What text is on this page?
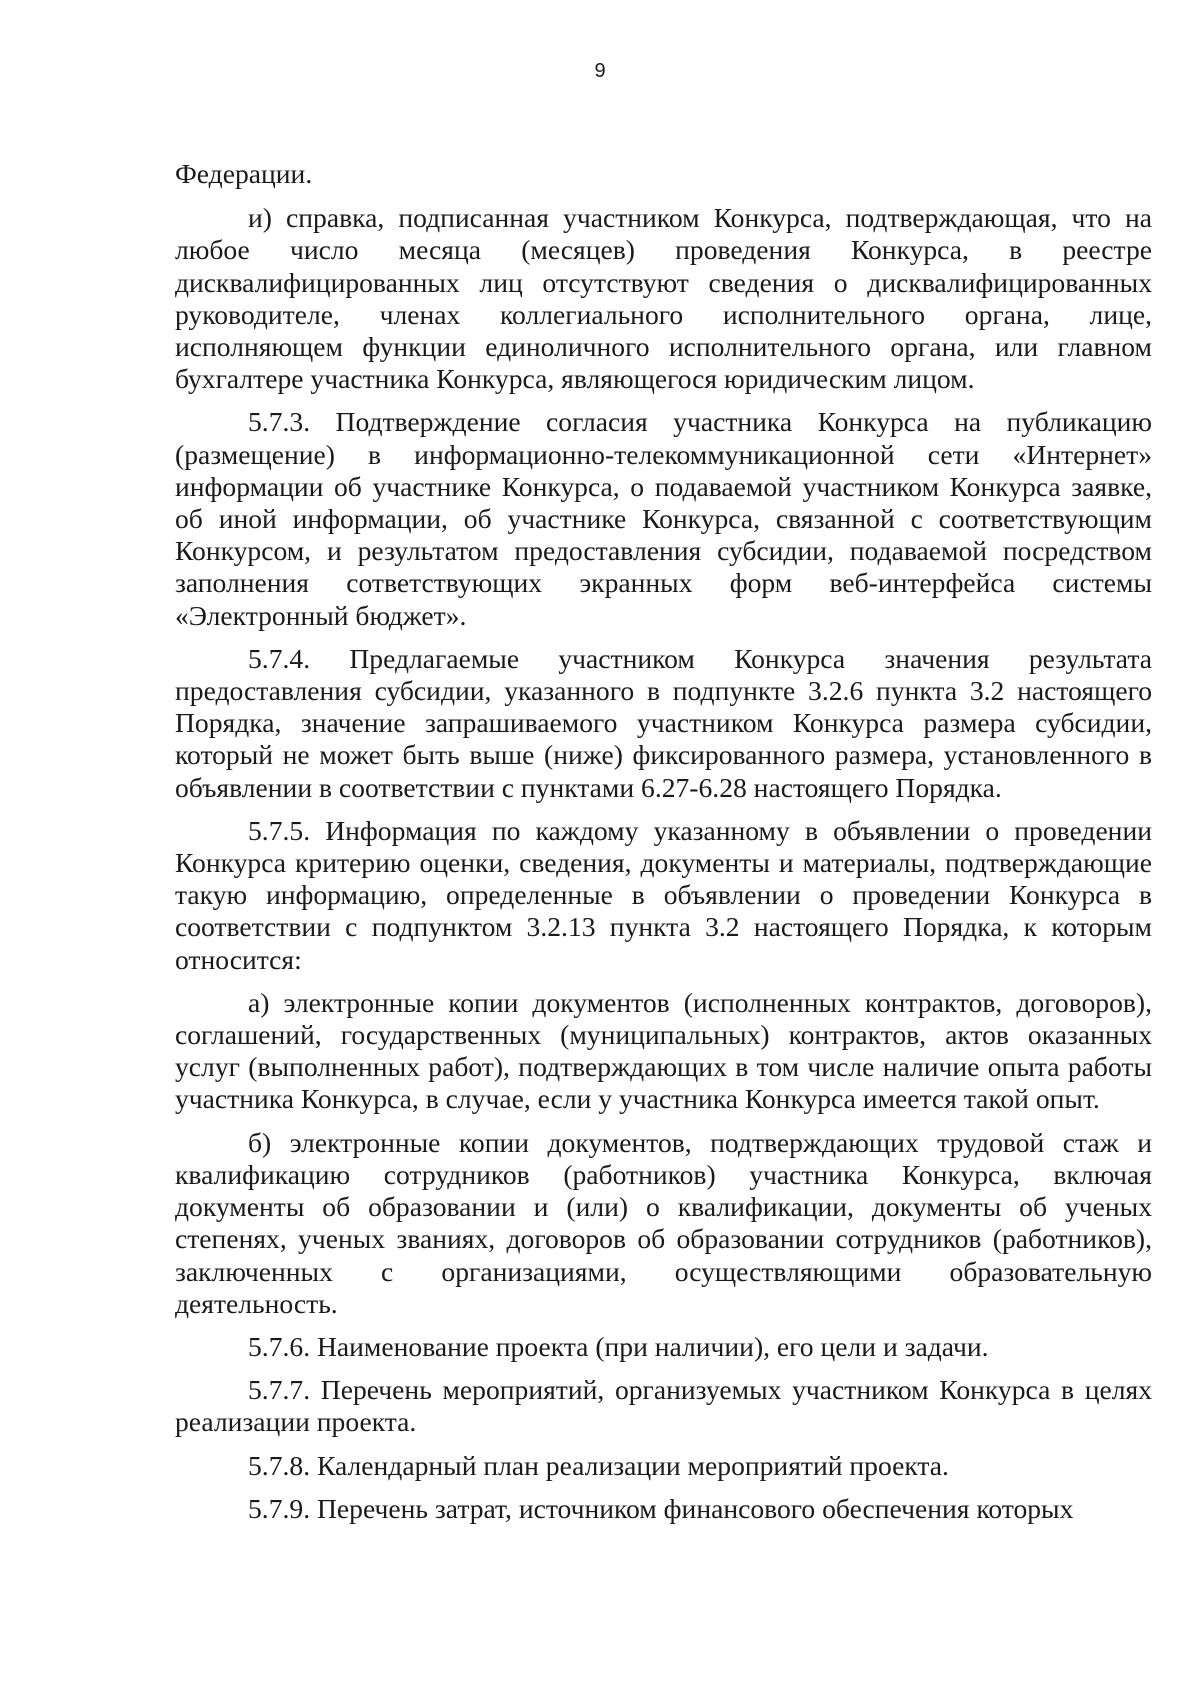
9

Федерации.

и) справка, подписанная участником Конкурса, подтверждающая, что на любое число месяца (месяцев) проведения Конкурса, в реестре дисквалифицированных лиц отсутствуют сведения о дисквалифицированных руководителе, членах коллегиального исполнительного органа, лице, исполняющем функции единоличного исполнительного органа, или главном бухгалтере участника Конкурса, являющегося юридическим лицом.

5.7.3. Подтверждение согласия участника Конкурса на публикацию (размещение) в информационно-телекоммуникационной сети «Интернет» информации об участнике Конкурса, о подаваемой участником Конкурса заявке, об иной информации, об участнике Конкурса, связанной с соответствующим Конкурсом, и результатом предоставления субсидии, подаваемой посредством заполнения сответствующих экранных форм веб-интерфейса системы «Электронный бюджет».

5.7.4. Предлагаемые участником Конкурса значения результата предоставления субсидии, указанного в подпункте 3.2.6 пункта 3.2 настоящего Порядка, значение запрашиваемого участником Конкурса размера субсидии, который не может быть выше (ниже) фиксированного размера, установленного в объявлении в соответствии с пунктами 6.27-6.28 настоящего Порядка.

5.7.5. Информация по каждому указанному в объявлении о проведении Конкурса критерию оценки, сведения, документы и материалы, подтверждающие такую информацию, определенные в объявлении о проведении Конкурса в соответствии с подпунктом 3.2.13 пункта 3.2 настоящего Порядка, к которым относится:

а) электронные копии документов (исполненных контрактов, договоров), соглашений, государственных (муниципальных) контрактов, актов оказанных услуг (выполненных работ), подтверждающих в том числе наличие опыта работы участника Конкурса, в случае, если у участника Конкурса имеется такой опыт.

б) электронные копии документов, подтверждающих трудовой стаж и квалификацию сотрудников (работников) участника Конкурса, включая документы об образовании и (или) о квалификации, документы об ученых степенях, ученых званиях, договоров об образовании сотрудников (работников), заключенных с организациями, осуществляющими образовательную деятельность.

5.7.6. Наименование проекта (при наличии), его цели и задачи.

5.7.7. Перечень мероприятий, организуемых участником Конкурса в целях реализации проекта.

5.7.8. Календарный план реализации мероприятий проекта.

5.7.9. Перечень затрат, источником финансового обеспечения которых
